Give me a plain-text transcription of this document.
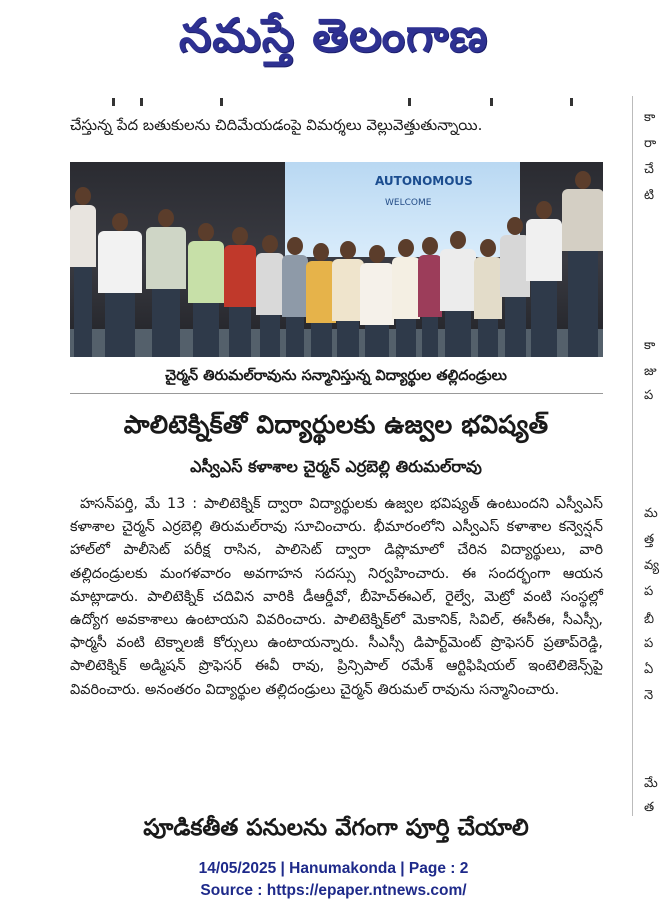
నమస్తే తెలంగాణ
చేస్తున్న పేద బతుకులను చిదిమేయడంపై విమర్శలు వెల్లువెత్తుతున్నాయి.
AUTONOMOUS
WELCOME
చైర్మన్ తిరుమల్‌రావును సన్మానిస్తున్న విద్యార్థుల తల్లిదండ్రులు
పాలిటెక్నిక్‌తో విద్యార్థులకు ఉజ్వల భవిష్యత్
ఎస్వీఎస్ కళాశాల చైర్మన్ ఎర్రబెల్లి తిరుమల్‌రావు
హసన్‌పర్తి, మే 13 : పాలిటెక్నిక్ ద్వారా విద్యార్థులకు ఉజ్వల భవిష్యత్ ఉంటుందని ఎస్వీఎస్ కళాశాల చైర్మన్ ఎర్రబెల్లి తిరుమల్‌రావు సూచించారు. భీమారంలోని ఎస్వీఎస్ కళాశాల కన్వెన్షన్ హాల్‌లో పాలీసెట్ పరీక్ష రాసిన, పాలిసెట్ ద్వారా డిప్లొమాలో చేరిన విద్యార్థులు, వారి తల్లిదండ్రులకు మంగళవారం అవగాహన సదస్సు నిర్వహించారు. ఈ సందర్భంగా ఆయన మాట్లాడారు. పాలిటెక్నిక్ చదివిన వారికి డీఆర్డీవో, బీహెచ్‌ఈఎల్, రైల్వే, మెట్రో వంటి సంస్థల్లో ఉద్యోగ అవకాశాలు ఉంటాయని వివరించారు. పాలిటెక్నిక్‌లో మెకానిక్, సివిల్, ఈసీఈ, సీఎస్సీ, ఫార్మసీ వంటి టెక్నాలజీ కోర్సులు ఉంటాయన్నారు. సీఎస్సీ డిపార్ట్‌మెంట్ ప్రొఫెసర్ ప్రతాప్‌రెడ్డి, పాలిటెక్నిక్ అడ్మిషన్ ప్రొఫెసర్ ఈవీ రావు, ప్రిన్సిపాల్ రమేశ్ ఆర్టిఫిషియల్ ఇంటెలిజెన్స్‌పై వివరించారు. అనంతరం విద్యార్థుల తల్లిదండ్రులు చైర్మన్ తిరుమల్ రావును సన్మానించారు.
పూడికతీత పనులను వేగంగా పూర్తి చేయాలి
కా
రా
చే
టి
కా
జు
ప
మ
త్త
వ్య
ప
బీ
ప
ఏ
నె
మే
త
14/05/2025 | Hanumakonda | Page : 2
Source : https://epaper.ntnews.com/
